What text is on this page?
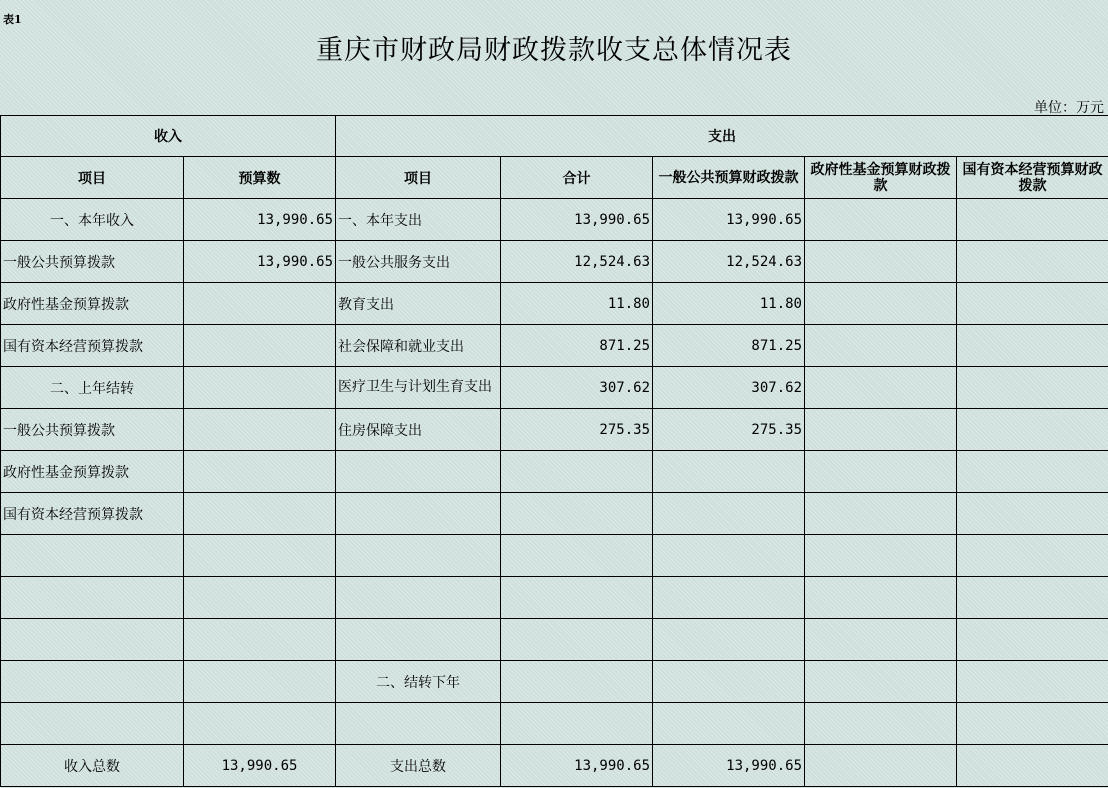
表1
重庆市财政局财政拨款收支总体情况表
单位：万元
收入		支出				
项目	预算数	项目	合计	一般公共预算财政拨款	政府性基金预算财政拨款	国有资本经营预算财政拨款
一、本年收入	13,990.65	一、本年支出	13,990.65	13,990.65		
一般公共预算拨款	13,990.65	一般公共服务支出	12,524.63	12,524.63		
政府性基金预算拨款		教育支出	11.80	11.80		
国有资本经营预算拨款		社会保障和就业支出	871.25	871.25		
二、上年结转		医疗卫生与计划生育支出	307.62	307.62		
一般公共预算拨款		住房保障支出	275.35	275.35		
政府性基金预算拨款						
国有资本经营预算拨款						

		二、结转下年				

收入总数	13,990.65	支出总数	13,990.65	13,990.65		
